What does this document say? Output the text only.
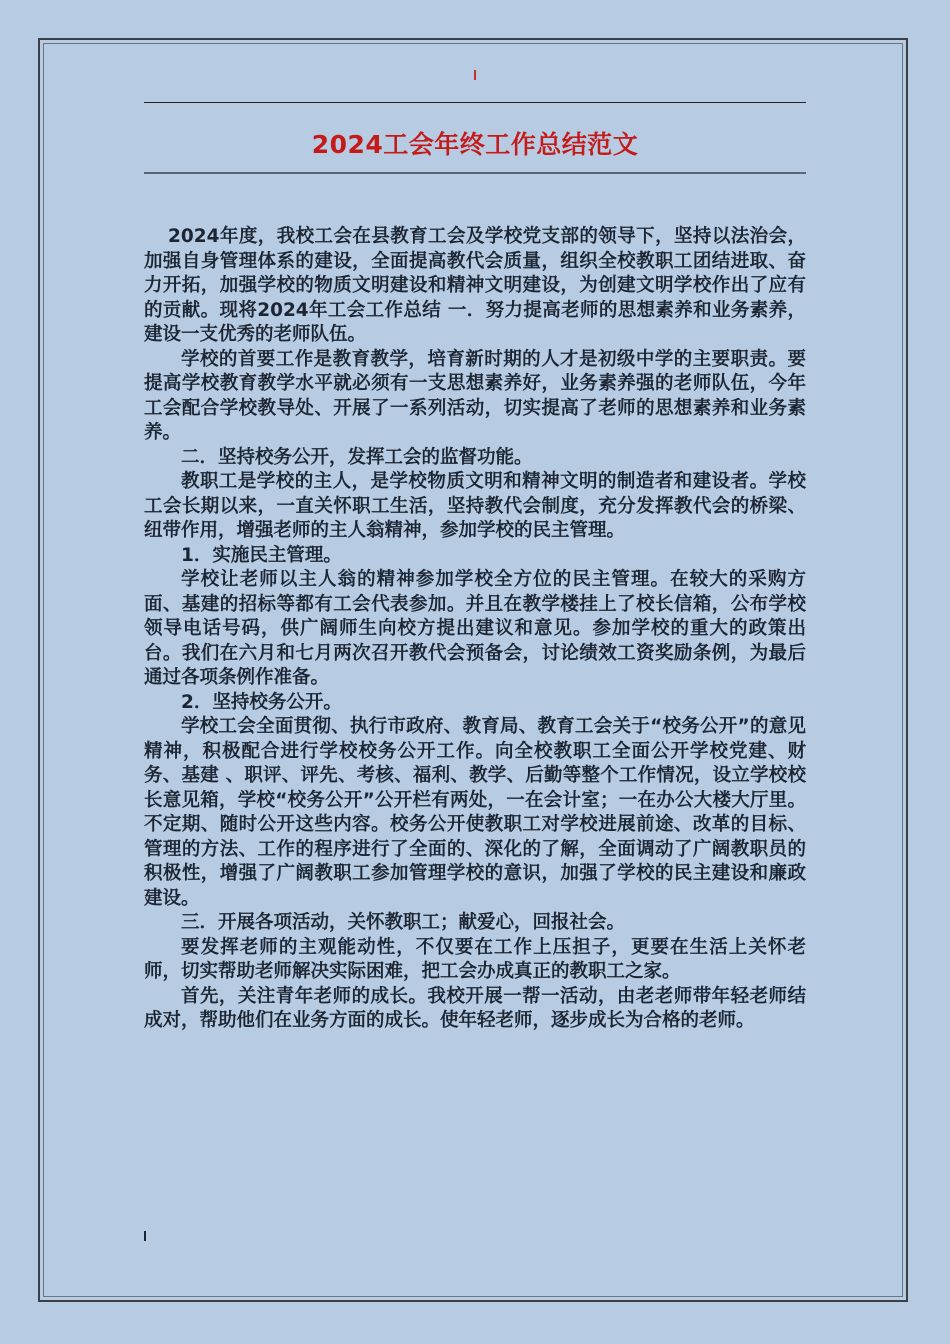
2024工会年终工作总结范文

2024年度，我校工会在县教育工会及学校党支部的领导下，坚持以法治会，加强自身管理体系的建设，全面提高教代会质量，组织全校教职工团结进取、奋力开拓，加强学校的物质文明建设和精神文明建设，为创建文明学校作出了应有的贡献。现将2024年工会工作总结 一．努力提高老师的思想素养和业务素养，建设一支优秀的老师队伍。

学校的首要工作是教育教学，培育新时期的人才是初级中学的主要职责。要提高学校教育教学水平就必须有一支思想素养好，业务素养强的老师队伍，今年工会配合学校教导处、开展了一系列活动，切实提高了老师的思想素养和业务素养。

二．坚持校务公开，发挥工会的监督功能。

教职工是学校的主人，是学校物质文明和精神文明的制造者和建设者。学校工会长期以来，一直关怀职工生活，坚持教代会制度，充分发挥教代会的桥梁、纽带作用，增强老师的主人翁精神，参加学校的民主管理。

1．实施民主管理。

学校让老师以主人翁的精神参加学校全方位的民主管理。在较大的采购方面、基建的招标等都有工会代表参加。并且在教学楼挂上了校长信箱，公布学校领导电话号码，供广阔师生向校方提出建议和意见。参加学校的重大的政策出台。我们在六月和七月两次召开教代会预备会，讨论绩效工资奖励条例，为最后通过各项条例作准备。

2．坚持校务公开。

学校工会全面贯彻、执行市政府、教育局、教育工会关于“校务公开”的意见精神，积极配合进行学校校务公开工作。向全校教职工全面公开学校党建、财务、基建 、职评、评先、考核、福利、教学、后勤等整个工作情况，设立学校校长意见箱，学校“校务公开”公开栏有两处，一在会计室；一在办公大楼大厅里。不定期、随时公开这些内容。校务公开使教职工对学校进展前途、改革的目标、管理的方法、工作的程序进行了全面的、深化的了解，全面调动了广阔教职员的积极性，增强了广阔教职工参加管理学校的意识，加强了学校的民主建设和廉政建设。

三．开展各项活动，关怀教职工；献爱心，回报社会。

要发挥老师的主观能动性，不仅要在工作上压担子，更要在生活上关怀老师，切实帮助老师解决实际困难，把工会办成真正的教职工之家。

首先，关注青年老师的成长。我校开展一帮一活动，由老老师带年轻老师结成对，帮助他们在业务方面的成长。使年轻老师，逐步成长为合格的老师。
